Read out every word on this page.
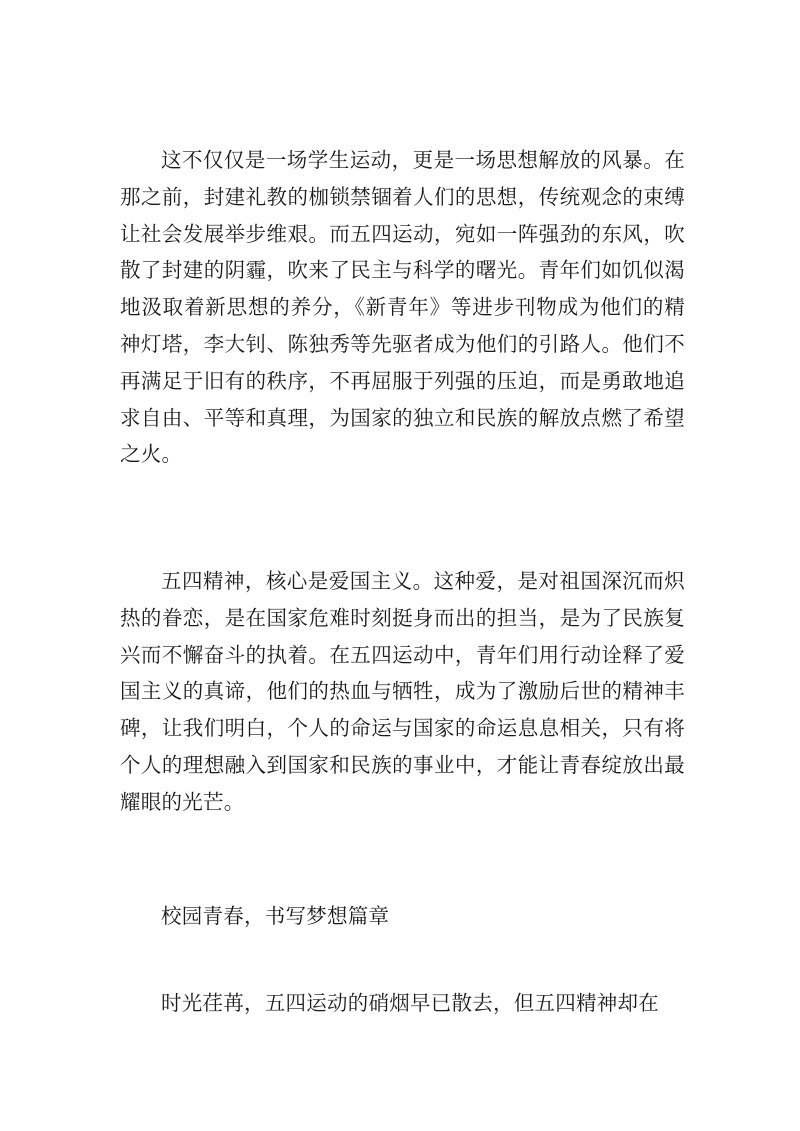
这不仅仅是一场学生运动，更是一场思想解放的风暴。在那之前，封建礼教的枷锁禁锢着人们的思想，传统观念的束缚让社会发展举步维艰。而五四运动，宛如一阵强劲的东风，吹散了封建的阴霾，吹来了民主与科学的曙光。青年们如饥似渴地汲取着新思想的养分，《新青年》等进步刊物成为他们的精神灯塔，李大钊、陈独秀等先驱者成为他们的引路人。他们不再满足于旧有的秩序，不再屈服于列强的压迫，而是勇敢地追求自由、平等和真理，为国家的独立和民族的解放点燃了希望之火。

五四精神，核心是爱国主义。这种爱，是对祖国深沉而炽热的眷恋，是在国家危难时刻挺身而出的担当，是为了民族复兴而不懈奋斗的执着。在五四运动中，青年们用行动诠释了爱国主义的真谛，他们的热血与牺牲，成为了激励后世的精神丰碑，让我们明白，个人的命运与国家的命运息息相关，只有将个人的理想融入到国家和民族的事业中，才能让青春绽放出最耀眼的光芒。

校园青春，书写梦想篇章

时光荏苒，五四运动的硝烟早已散去，但五四精神却在
